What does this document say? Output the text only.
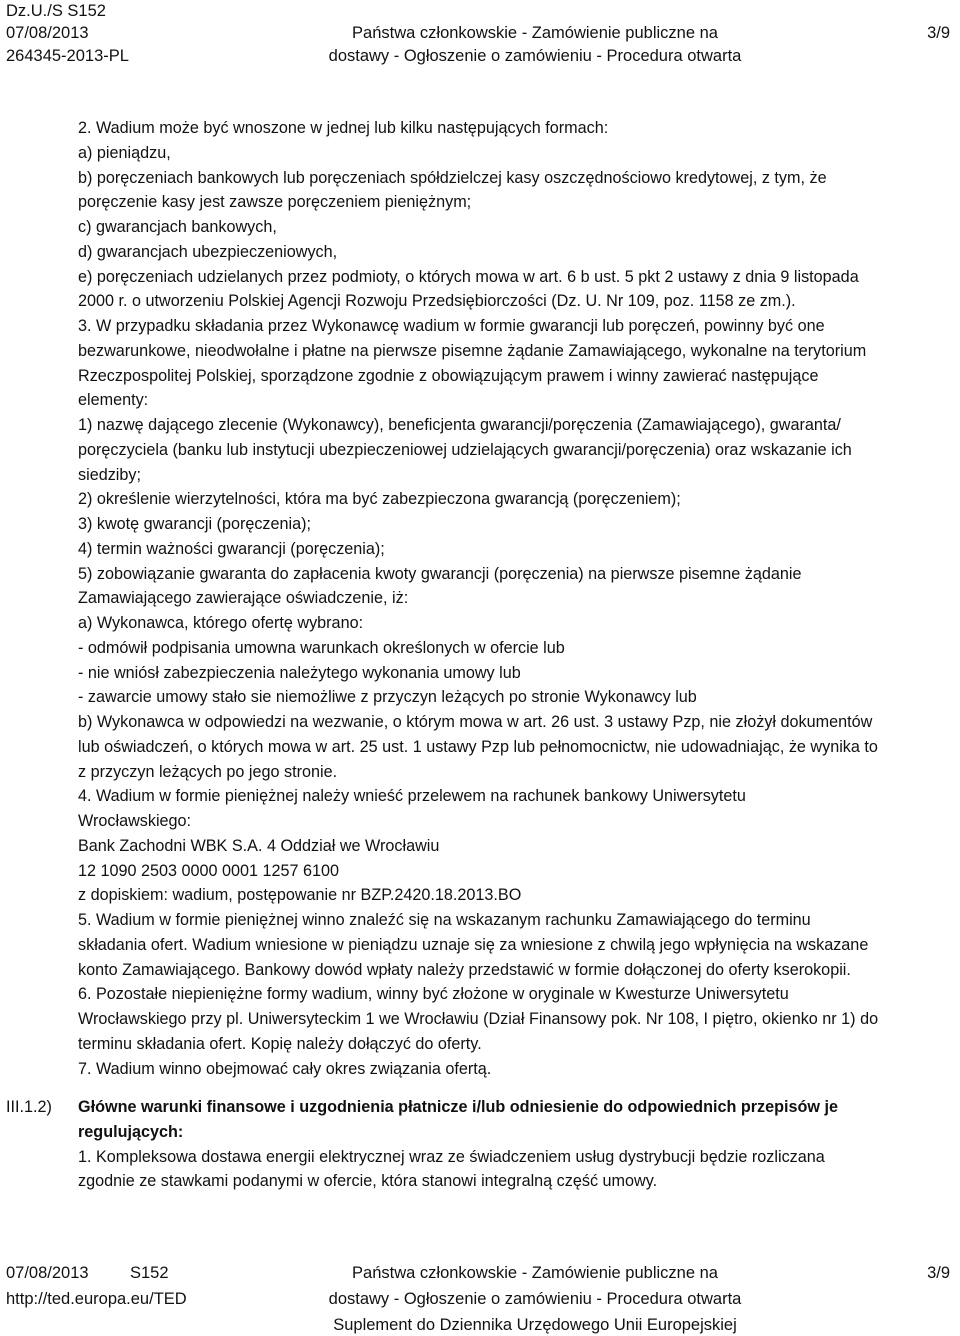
Dz.U./S S152
07/08/2013
264345-2013-PL
Państwa członkowskie - Zamówienie publiczne na
dostawy - Ogłoszenie o zamówieniu - Procedura otwarta
3/9

2. Wadium może być wnoszone w jednej lub kilku następujących formach:

a) pieniądzu,

b) poręczeniach bankowych lub poręczeniach spółdzielczej kasy oszczędnościowo kredytowej, z tym, że

poręczenie kasy jest zawsze poręczeniem pieniężnym;

c) gwarancjach bankowych,

d) gwarancjach ubezpieczeniowych,

e) poręczeniach udzielanych przez podmioty, o których mowa w art. 6 b ust. 5 pkt 2 ustawy z dnia 9 listopada

2000 r. o utworzeniu Polskiej Agencji Rozwoju Przedsiębiorczości (Dz. U. Nr 109, poz. 1158 ze zm.).

3. W przypadku składania przez Wykonawcę wadium w formie gwarancji lub poręczeń, powinny być one

bezwarunkowe, nieodwołalne i płatne na pierwsze pisemne żądanie Zamawiającego, wykonalne na terytorium

Rzeczpospolitej Polskiej, sporządzone zgodnie z obowiązującym prawem i winny zawierać następujące

elementy:

1) nazwę dającego zlecenie (Wykonawcy), beneficjenta gwarancji/poręczenia (Zamawiającego), gwaranta/

poręczyciela (banku lub instytucji ubezpieczeniowej udzielających gwarancji/poręczenia) oraz wskazanie ich

siedziby;

2) określenie wierzytelności, która ma być zabezpieczona gwarancją (poręczeniem);

3) kwotę gwarancji (poręczenia);

4) termin ważności gwarancji (poręczenia);

5) zobowiązanie gwaranta do zapłacenia kwoty gwarancji (poręczenia) na pierwsze pisemne żądanie

Zamawiającego zawierające oświadczenie, iż:

a) Wykonawca, którego ofertę wybrano:

- odmówił podpisania umowna warunkach określonych w ofercie lub

- nie wniósł zabezpieczenia należytego wykonania umowy lub

- zawarcie umowy stało sie niemożliwe z przyczyn leżących po stronie Wykonawcy lub

b) Wykonawca w odpowiedzi na wezwanie, o którym mowa w art. 26 ust. 3 ustawy Pzp, nie złożył dokumentów

lub oświadczeń, o których mowa w art. 25 ust. 1 ustawy Pzp lub pełnomocnictw, nie udowadniając, że wynika to

z przyczyn leżących po jego stronie.

4. Wadium w formie pieniężnej należy wnieść przelewem na rachunek bankowy Uniwersytetu

Wrocławskiego:

Bank Zachodni WBK S.A. 4 Oddział we Wrocławiu

12 1090 2503 0000 0001 1257 6100

z dopiskiem: wadium, postępowanie nr BZP.2420.18.2013.BO

5. Wadium w formie pieniężnej winno znaleźć się na wskazanym rachunku Zamawiającego do terminu

składania ofert. Wadium wniesione w pieniądzu uznaje się za wniesione z chwilą jego wpłynięcia na wskazane

konto Zamawiającego. Bankowy dowód wpłaty należy przedstawić w formie dołączonej do oferty kserokopii.

6. Pozostałe niepieniężne formy wadium, winny być złożone w oryginale w Kwesturze Uniwersytetu

Wrocławskiego przy pl. Uniwersyteckim 1 we Wrocławiu (Dział Finansowy pok. Nr 108, I piętro, okienko nr 1) do

terminu składania ofert. Kopię należy dołączyć do oferty.

7. Wadium winno obejmować cały okres związania ofertą.

III.1.2) Główne warunki finansowe i uzgodnienia płatnicze i/lub odniesienie do odpowiednich przepisów je

regulujących:

1. Kompleksowa dostawa energii elektrycznej wraz ze świadczeniem usług dystrybucji będzie rozliczana

zgodnie ze stawkami podanymi w ofercie, która stanowi integralną część umowy.

07/08/2013	S152
http://ted.europa.eu/TED
Państwa członkowskie - Zamówienie publiczne na
dostawy - Ogłoszenie o zamówieniu - Procedura otwarta
Suplement do Dziennika Urzędowego Unii Europejskiej
3/9
